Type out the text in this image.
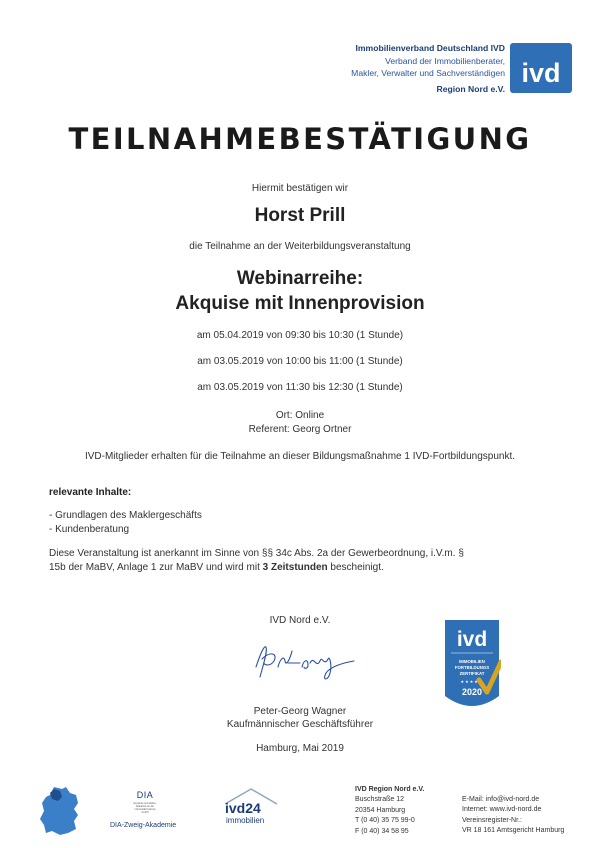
Immobilienverband Deutschland IVD
Verband der Immobilienberater,
Makler, Verwalter und Sachverständigen
Region Nord e.V.
ivd
TEILNAHMEBESTÄTIGUNG
Hiermit bestätigen wir
Horst Prill
die Teilnahme an der Weiterbildungsveranstaltung
Webinarreihe:
Akquise mit Innenprovision
am 05.04.2019 von 09:30 bis 10:30 (1 Stunde)
am 03.05.2019 von 10:00 bis 11:00 (1 Stunde)
am 03.05.2019 von 11:30 bis 12:30 (1 Stunde)
Ort: Online
Referent: Georg Ortner
IVD-Mitglieder erhalten für die Teilnahme an dieser Bildungsmaßnahme 1 IVD-Fortbildungspunkt.
relevante Inhalte:
- Grundlagen des Maklergeschäfts
- Kundenberatung
Diese Veranstaltung ist anerkannt im Sinne von §§ 34c Abs. 2a der Gewerbeordnung, i.V.m. §
15b der MaBV, Anlage 1 zur MaBV und wird mit 3 Zeitstunden bescheinigt.
IVD Nord e.V.
Peter-Georg Wagner
Kaufmännischer Geschäftsführer
Hamburg, Mai 2019
ivd
IMMOBILIEN
FORTBILDUNGS
ZERTIFIKAT
★★★★★
2020
DIA
Deutsche Immobilien-Akademie an der Universität Freiburg GmbH
DIA-Zweig-Akademie
ivd24
immobilien
IVD Region Nord e.V.
Buschstraße 12
20354 Hamburg
T (0 40) 35 75 99-0
F (0 40) 34 58 95
E-Mail: info@ivd-nord.de
Internet: www.ivd-nord.de
Vereinsregister-Nr.:
VR 18 161 Amtsgericht Hamburg
